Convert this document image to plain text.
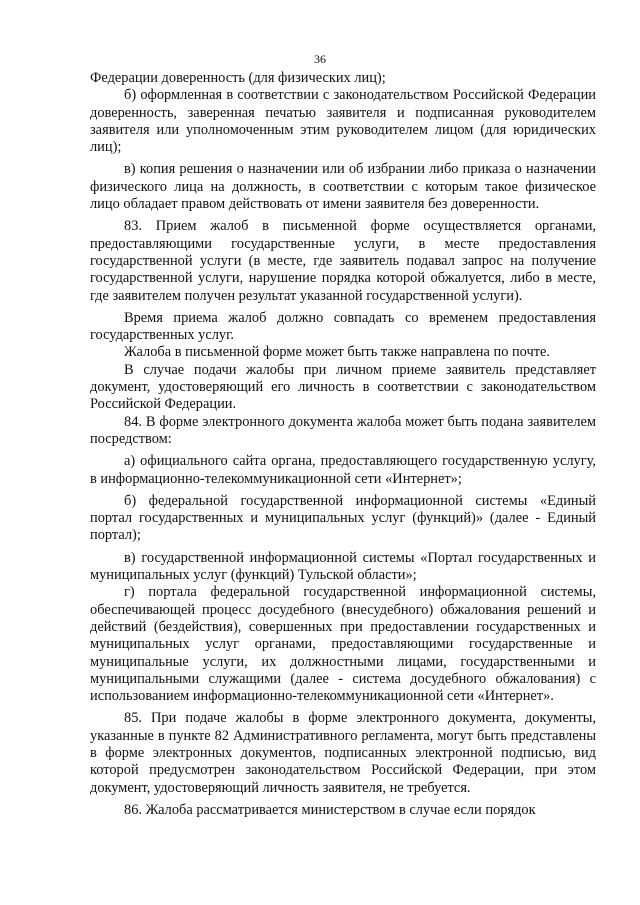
36

Федерации доверенность (для физических лиц);

б) оформленная в соответствии с законодательством Российской Федерации доверенность, заверенная печатью заявителя и подписанная руководителем заявителя или уполномоченным этим руководителем лицом (для юридических лиц);

в) копия решения о назначении или об избрании либо приказа о назначении физического лица на должность, в соответствии с которым такое физическое лицо обладает правом действовать от имени заявителя без доверенности.

83. Прием жалоб в письменной форме осуществляется органами, предоставляющими государственные услуги, в месте предоставления государственной услуги (в месте, где заявитель подавал запрос на получение государственной услуги, нарушение порядка которой обжалуется, либо в месте, где заявителем получен результат указанной государственной услуги).

Время приема жалоб должно совпадать со временем предоставления государственных услуг.

Жалоба в письменной форме может быть также направлена по почте.

В случае подачи жалобы при личном приеме заявитель представляет документ, удостоверяющий его личность в соответствии с законодательством Российской Федерации.

84. В форме электронного документа жалоба может быть подана заявителем посредством:

а) официального сайта органа, предоставляющего государственную услугу, в информационно-телекоммуникационной сети «Интернет»;

б) федеральной государственной информационной системы «Единый портал государственных и муниципальных услуг (функций)» (далее - Единый портал);

в) государственной информационной системы «Портал государственных и муниципальных услуг (функций) Тульской области»;

г) портала федеральной государственной информационной системы, обеспечивающей процесс досудебного (внесудебного) обжалования решений и действий (бездействия), совершенных при предоставлении государственных и муниципальных услуг органами, предоставляющими государственные и муниципальные услуги, их должностными лицами, государственными и муниципальными служащими (далее - система досудебного обжалования) с использованием информационно-телекоммуникационной сети «Интернет».

85. При подаче жалобы в форме электронного документа, документы, указанные в пункте 82 Административного регламента, могут быть представлены в форме электронных документов, подписанных электронной подписью, вид которой предусмотрен законодательством Российской Федерации, при этом документ, удостоверяющий личность заявителя, не требуется.

86. Жалоба рассматривается министерством в случае если порядок
